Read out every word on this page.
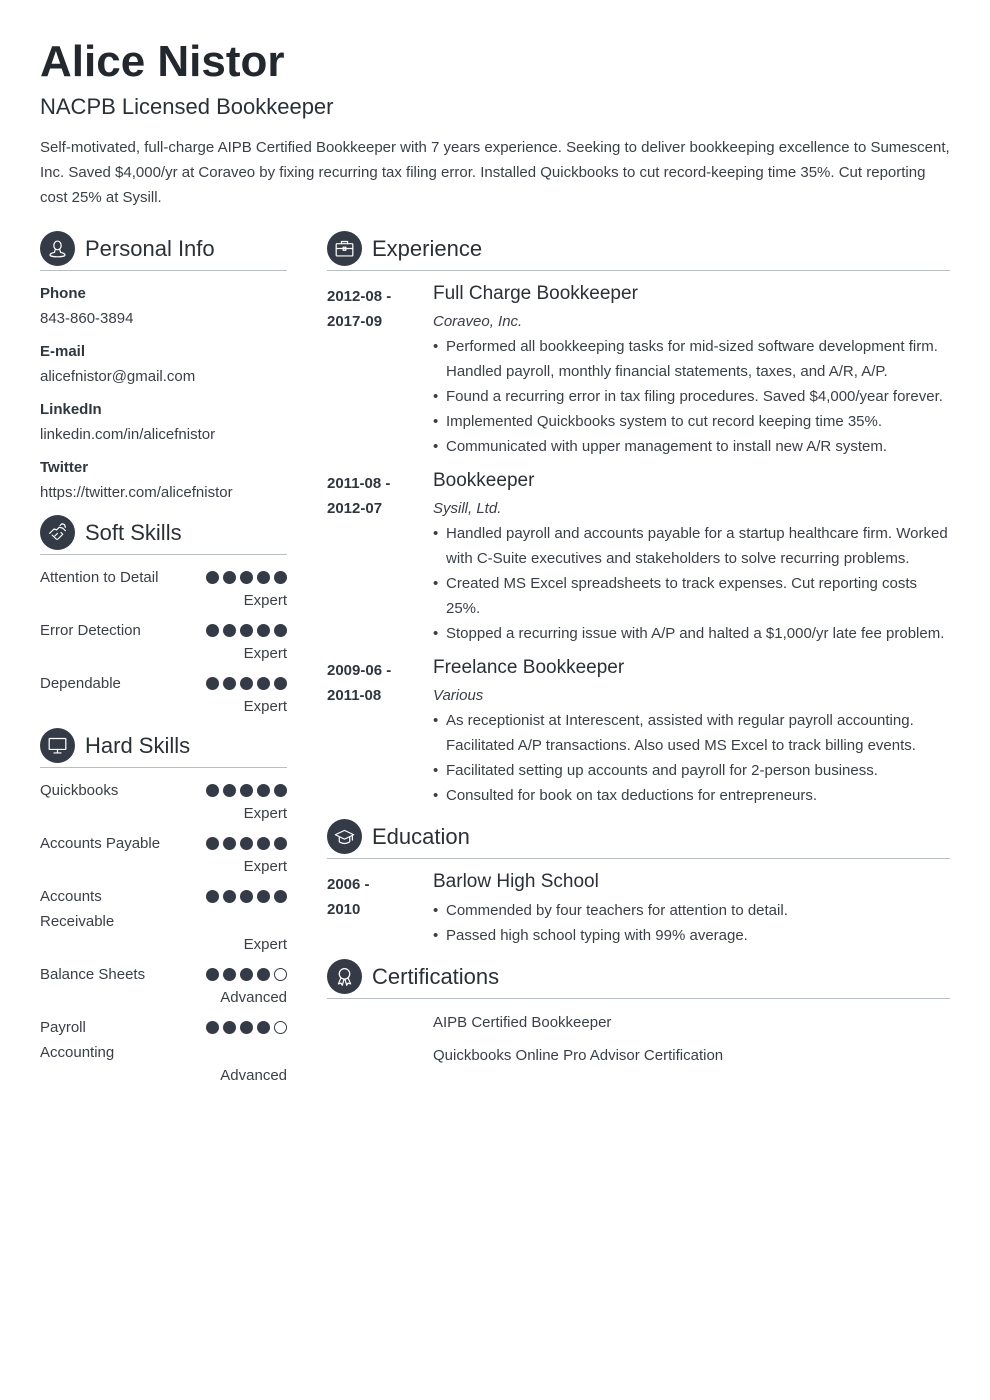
Alice Nistor
NACPB Licensed Bookkeeper
Self-motivated, full-charge AIPB Certified Bookkeeper with 7 years experience. Seeking to deliver bookkeeping excellence to Sumescent, Inc. Saved $4,000/yr at Coraveo by fixing recurring tax filing error. Installed Quickbooks to cut record-keeping time 35%. Cut reporting cost 25% at Sysill.
Personal Info
Phone
843-860-3894
E-mail
alicefnistor@gmail.com
LinkedIn
linkedin.com/in/alicefnistor
Twitter
https://twitter.com/alicefnistor
Soft Skills
Attention to Detail
Expert
Error Detection
Expert
Dependable
Expert
Hard Skills
Quickbooks
Expert
Accounts Payable
Expert
Accounts Receivable
Expert
Balance Sheets
Advanced
Payroll Accounting
Advanced
Experience
2012-08 -
2017-09
Full Charge Bookkeeper
Coraveo, Inc.
• Performed all bookkeeping tasks for mid-sized software development firm. Handled payroll, monthly financial statements, taxes, and A/R, A/P.
• Found a recurring error in tax filing procedures. Saved $4,000/year forever.
• Implemented Quickbooks system to cut record keeping time 35%.
• Communicated with upper management to install new A/R system.
2011-08 -
2012-07
Bookkeeper
Sysill, Ltd.
• Handled payroll and accounts payable for a startup healthcare firm. Worked with C-Suite executives and stakeholders to solve recurring problems.
• Created MS Excel spreadsheets to track expenses. Cut reporting costs 25%.
• Stopped a recurring issue with A/P and halted a $1,000/yr late fee problem.
2009-06 -
2011-08
Freelance Bookkeeper
Various
• As receptionist at Interescent, assisted with regular payroll accounting. Facilitated A/P transactions. Also used MS Excel to track billing events.
• Facilitated setting up accounts and payroll for 2-person business.
• Consulted for book on tax deductions for entrepreneurs.
Education
2006 -
2010
Barlow High School
• Commended by four teachers for attention to detail.
• Passed high school typing with 99% average.
Certifications
AIPB Certified Bookkeeper
Quickbooks Online Pro Advisor Certification
